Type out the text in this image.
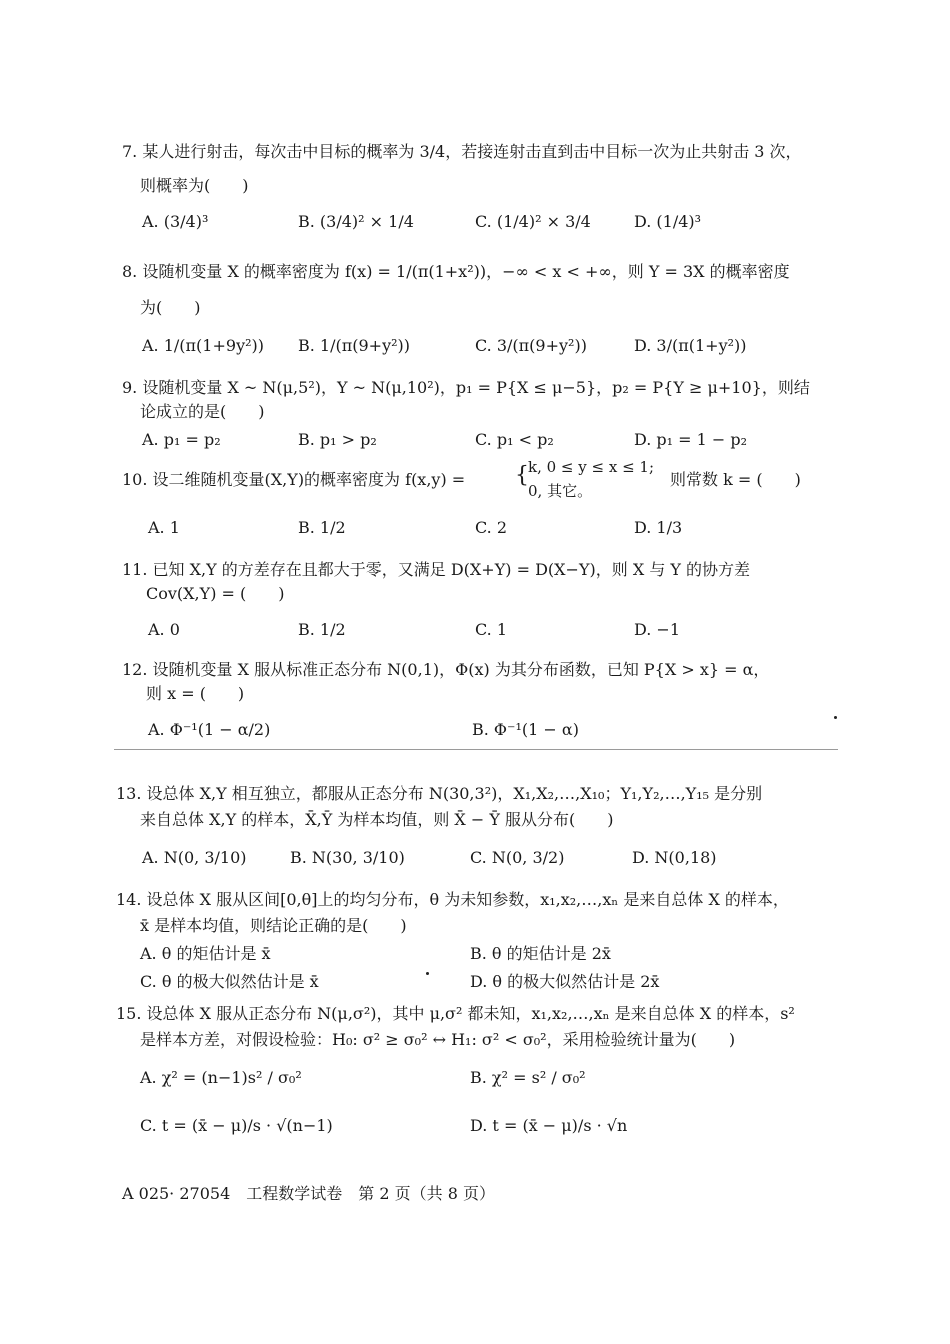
7. 某人进行射击，每次击中目标的概率为 3/4，若接连射击直到击中目标一次为止共射击 3 次，
则概率为(　　)
A. (3/4)³	B. (3/4)² × 1/4	C. (1/4)² × 3/4	D. (1/4)³
8. 设随机变量 X 的概率密度为 f(x) = 1/(π(1+x²))，−∞ < x < +∞，则 Y = 3X 的概率密度
为(　　)
A. 1/(π(1+9y²)) B. 1/(π(9+y²))	C. 3/(π(9+y²))	D. 3/(π(1+y²))
9. 设随机变量 X ~ N(μ,5²)，Y ~ N(μ,10²)，p₁ = P{X ≤ μ−5}，p₂ = P{Y ≥ μ+10}，则结
论成立的是(　　)
A. p₁ = p₂	B. p₁ > p₂	C. p₁ < p₂	D. p₁ = 1 − p₂
10. 设二维随机变量(X,Y)的概率密度为 f(x,y) = { k, 0 ≤ y ≤ x ≤ 1;
0, 其它。
则常数 k = (　　)
A. 1	B. 1/2	C. 2	D. 1/3
11. 已知 X,Y 的方差存在且都大于零，又满足 D(X+Y) = D(X−Y)，则 X 与 Y 的协方差
Cov(X,Y) = (　　)
A. 0	B. 1/2	C. 1	D. −1
12. 设随机变量 X 服从标准正态分布 N(0,1)，Φ(x) 为其分布函数，已知 P{X > x} = α，
则 x = (　　)
A. Φ⁻¹(1 − α/2)	B. Φ⁻¹(1 − α)
13. 设总体 X,Y 相互独立，都服从正态分布 N(30,3²)，X₁,X₂,…,X₁₀；Y₁,Y₂,…,Y₁₅ 是分别
来自总体 X,Y 的样本，X̄,Ȳ 为样本均值，则 X̄ − Ȳ 服从分布(　　)
A. N(0, 3/10)	B. N(30, 3/10)	C. N(0, 3/2)	D. N(0,18)
14. 设总体 X 服从区间[0,θ]上的均匀分布，θ 为未知参数，x₁,x₂,…,xₙ 是来自总体 X 的样本，
x̄ 是样本均值，则结论正确的是(　　)
A. θ 的矩估计是 x̄	B. θ 的矩估计是 2x̄
C. θ 的极大似然估计是 x̄	D. θ 的极大似然估计是 2x̄
15. 设总体 X 服从正态分布 N(μ,σ²)，其中 μ,σ² 都未知，x₁,x₂,…,xₙ 是来自总体 X 的样本，s²
是样本方差，对假设检验：H₀: σ² ≥ σ₀² ↔ H₁: σ² < σ₀²，采用检验统计量为(　　)
A. χ² = (n−1)s² / σ₀²	B. χ² = s² / σ₀²
C. t = (x̄ − μ)/s · √(n−1)	D. t = (x̄ − μ)/s · √n
A 025· 27054　工程数学试卷　第 2 页（共 8 页）
